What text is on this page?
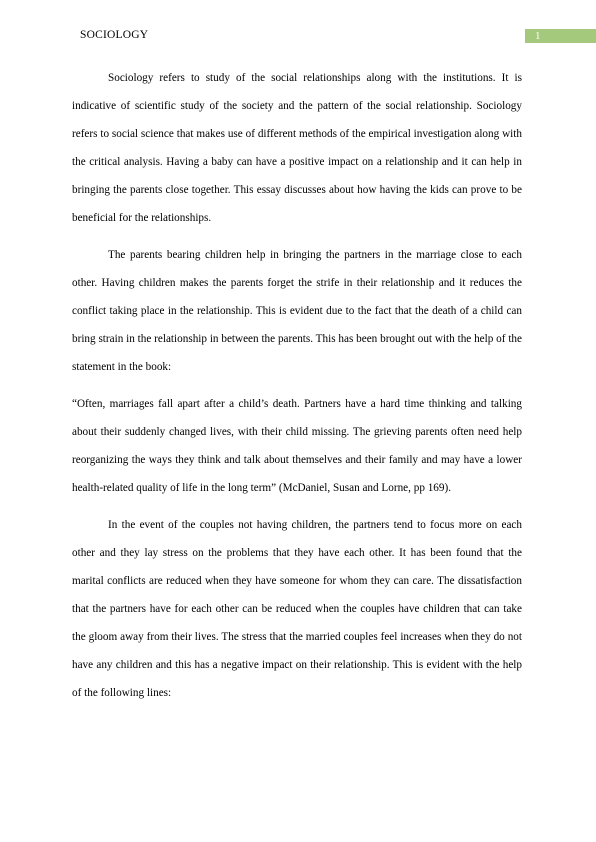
SOCIOLOGY	1

Sociology refers to study of the social relationships along with the institutions. It is indicative of scientific study of the society and the pattern of the social relationship. Sociology refers to social science that makes use of different methods of the empirical investigation along with the critical analysis. Having a baby can have a positive impact on a relationship and it can help in bringing the parents close together. This essay discusses about how having the kids can prove to be beneficial for the relationships.

The parents bearing children help in bringing the partners in the marriage close to each other. Having children makes the parents forget the strife in their relationship and it reduces the conflict taking place in the relationship. This is evident due to the fact that the death of a child can bring strain in the relationship in between the parents. This has been brought out with the help of the statement in the book:

“Often, marriages fall apart after a child’s death. Partners have a hard time thinking and talking about their suddenly changed lives, with their child missing. The grieving parents often need help reorganizing the ways they think and talk about themselves and their family and may have a lower health-related quality of life in the long term” (McDaniel, Susan and Lorne, pp 169).

In the event of the couples not having children, the partners tend to focus more on each other and they lay stress on the problems that they have each other. It has been found that the marital conflicts are reduced when they have someone for whom they can care. The dissatisfaction that the partners have for each other can be reduced when the couples have children that can take the gloom away from their lives. The stress that the married couples feel increases when they do not have any children and this has a negative impact on their relationship. This is evident with the help of the following lines:
